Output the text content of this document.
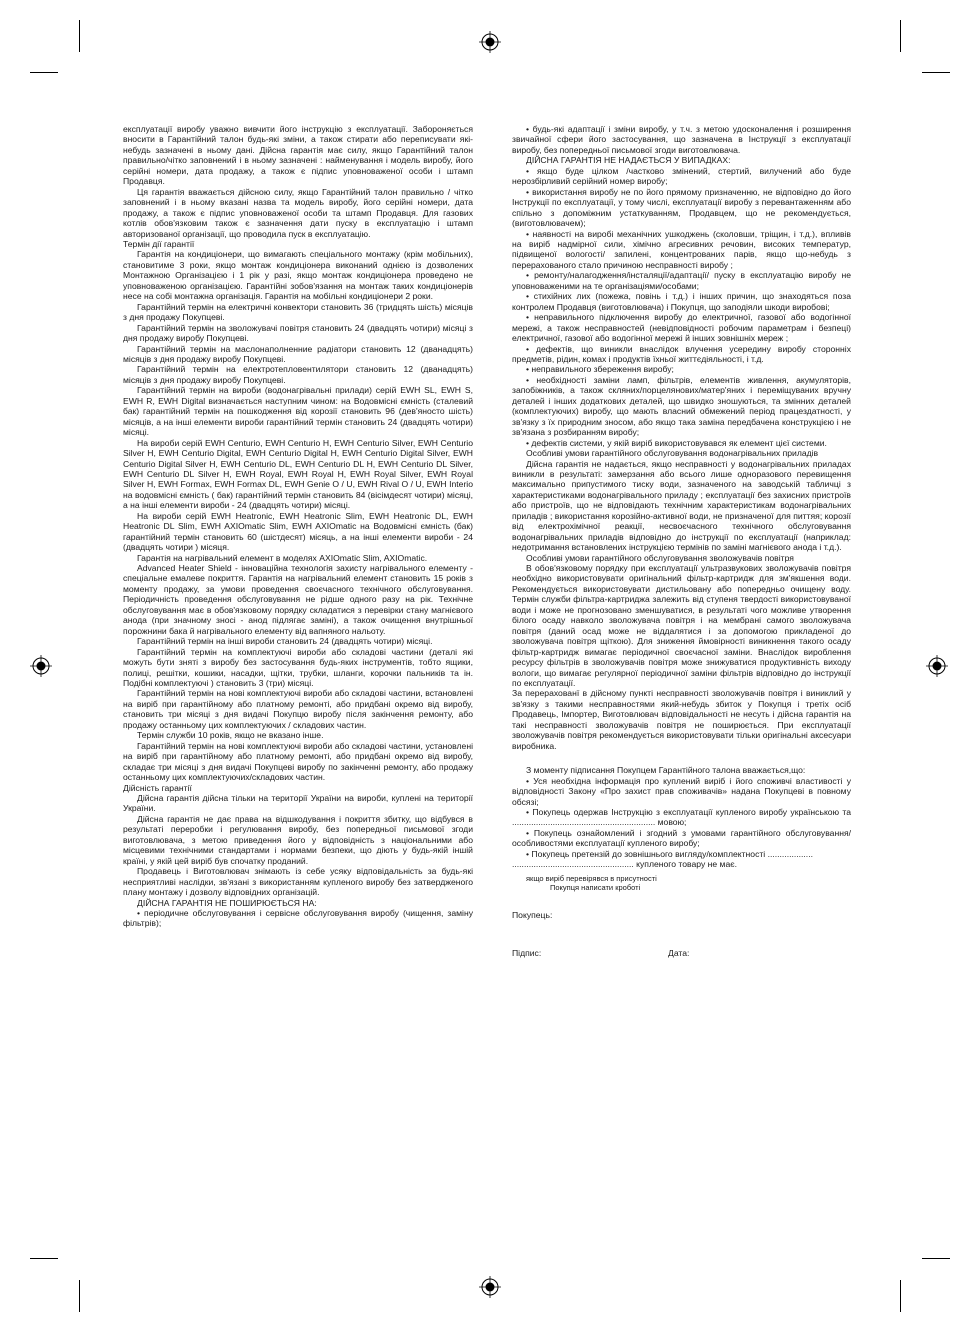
експлуатації виробу уважно вивчити його інструкцію з експлуатації. Забороняється вносити в Гарантійний талон будь-які зміни, а також стирати або переписувати які-небудь зазначені в ньому дані. Дійсна гарантія має силу, якщо Гарантійний талон правильно/чітко заповнений і в ньому зазначені : найменування і модель виробу, його серійні номери, дата продажу, а також є підпис уповноваженої особи і штамп Продавця.

Ця гарантія вважається дійсною силу, якщо Гарантійний талон правильно / чітко заповнений і в ньому вказані назва та модель виробу, його серійні номери, дата продажу, а також є підпис уповноваженої особи та штамп Продавця. Для газових котлів обов'язковим також є зазначення дати пуску в експлуатацію і штамп авторизованої організації, що проводила пуск в експлуатацію.

Термін дії гарантії

Гарантія на кондиціонери, що вимагають спеціального монтажу (крім мобільних), становитиме 3 роки, якщо монтаж кондиціонера виконаний однією із дозволених Монтажною Організацією і 1 рік у разі, якщо монтаж кондиціонера проведено не уповноваженою організацією. Гарантійні зобов'язання на монтаж таких кондиціонерів несе на собі монтажна організація. Гарантія на мобільні кондиціонери 2 роки.

Гарантійний термін на електричні конвектори становить 36 (тридцять шість) місяців з дня продажу Покупцеві.

Гарантійний термін на зволожувачі повітря становить 24 (двадцять чотири) місяці з дня продажу виробу Покупцеві.

Гарантійний термін на маслонаполненние радіатори становить 12 (дванадцять) місяців з дня продажу виробу Покупцеві.

Гарантійний термін на електротепловентилятори становить 12 (дванадцять) місяців з дня продажу виробу Покупцеві.

Гарантійний термін на вироби (водонагрівальні прилади) серій EWH SL, EWH S, EWH R, EWH Digital визначається наступним чином: на Водовмісні ємність (сталевий бак) гарантійний термін на пошкодження від корозії становить 96 (дев'яносто шість) місяців, а на інші елементи вироби гарантійний термін становить 24 (двадцять чотири) місяці.

На вироби серій EWH Centurio, EWH Centurio H, EWH Centurio Silver, EWH Centurio Silver H, EWH Centurio Digital, EWH Centurio Digital H, EWH Centurio Digital Silver, EWH Centurio Digital Silver H, EWH Centurio DL, EWH Centurio DL H, EWH Centurio DL Silver, EWH Centurio DL Silver H, EWH Royal, EWH Royal H, EWH Royal Silver, EWH Royal Silver H, EWH Formax, EWH Formax DL, EWH Genie O / U, EWH Rival O / U, EWH Interio на водовмісні ємність ( бак) гарантійний термін становить 84 (вісімдесят чотири) місяці, а на інші елементи вироби - 24 (двадцять чотири) місяці.

На вироби серій EWH Heatronic, EWH Heatronic Slim, EWH Heatronic DL, EWH Heatronic DL Slim, EWH AXIOmatic Slim, EWH AXIOmatic на Водовмісні ємність (бак) гарантійний термін становить 60 (шістдесят) місяць, а на інші елементи вироби - 24 (двадцять чотири ) місяця.

Гарантія на нагрівальний елемент в моделях AXIOmatic Slim, AXIOmatic.

Advanced Heater Shield - інноваційна технологія захисту нагрівального елементу - спеціальне емалеве покриття. Гарантія на нагрівальний елемент становить 15 років з моменту продажу, за умови проведення своєчасного технічного обслуговування. Періодичність проведення обслуговування не рідше одного разу на рік. Технічне обслуговування має в обов'язковому порядку складатися з перевірки стану магнієвого анода (при значному зносі - анод підлягає заміні), а також очищення внутрішньої порожнини бака й нагрівального елементу від вапняного нальоту.

Гарантійний термін на інші вироби становить 24 (двадцять чотири) місяці.

Гарантійний термін на комплектуючі вироби або складові частини (деталі які можуть бути зняті з виробу без застосування будь-яких інструментів, тобто ящики, полиці, решітки, кошики, насадки, щітки, трубки, шланги, корочки пальників та ін. Подібні комплектуючі ) становить 3 (три) місяці.

Гарантійний термін на нові комплектуючі вироби або складові частини, встановлені на виріб при гарантійному або платному ремонті, або придбані окремо від виробу, становить три місяці з дня видачі Покупцю виробу після закінчення ремонту, або продажу останньому цих комплектуючих / складових частин.

Термін служби 10 років, якщо не вказано інше.

Гарантійний термін на нові комплектуючі вироби або складові частини, установлені на виріб при гарантійному або платному ремонті, або придбані окремо від виробу, складає три місяці з дня видачі Покупцеві виробу по закінченні ремонту, або продажу останньому цих комплектуючих/складових частин.

Дійсність гарантії

Дійсна гарантія дійсна тільки на території України на вироби, куплені на території України.

Дійсна гарантія не дає права на відшкодування і покриття збитку, що відбувся в результаті переробки і регулювання виробу, без попередньої письмової згоди виготовлювача, з метою приведення його у відповідність з національними або місцевими технічними стандартами і нормами безпеки, що діють у будь-якій іншій країні, у якій цей виріб був спочатку проданий.

Продавець і Виготовлювач знімають із себе усяку відповідальність за будь-які несприятливі наслідки, зв'язані з використанням купленого виробу без затвердженого плану монтажу і дозволу відповідних організацій.

ДІЙСНА ГАРАНТІЯ НЕ ПОШИРЮЄТЬСЯ НА:

• періодичне обслуговування і сервісне обслуговування виробу (чищення, заміну фільтрів);

• будь-які адаптації і зміни виробу, у т.ч. з метою удосконалення і розширення звичайної сфери його застосування, що зазначена в Інструкції з експлуатації виробу, без попередньої письмової згоди виготовлювача.

ДІЙСНА ГАРАНТІЯ НЕ НАДАЄТЬСЯ У ВИПАДКАХ:

• якщо буде цілком /частково змінений, стертий, вилучений або буде нерозбірливий серійний номер виробу;

• використання виробу не по його прямому призначенню, не відповідно до його Інструкції по експлуатації, у тому числі, експлуатації виробу з перевантаженням або спільно з допоміжним устаткуванням, Продавцем, що не рекомендується, (виготовлювачем);

• наявності на виробі механічних ушкоджень (сколовши, тріщин, і т.д.), впливів на виріб надмірної сили, хімічно агресивних речовин, високих температур, підвищеної вологості/ запилені, концентрованих парів, якщо що-небудь з перерахованого стало причиною несправності виробу ;

• ремонту/налагодження/інсталяції/адаптації/ пуску в експлуатацію виробу не уповноваженими на те організаціями/особами;

• стихійних лих (пожежа, повінь і т.д.) і інших причин, що знаходяться поза контролем Продавця (виготовлювача) і Покупця, що заподіяли шкоди виробові;

• неправильного підключення виробу до електричної, газової або водогінної мережі, а також несправностей (невідповідності робочим параметрам і безпеці) електричної, газової або водогінної мережі й інших зовнішніх мереж ;

• дефектів, що виникли внаслідок влучення усередину виробу сторонніх предметів, рідин, комах і продуктів їхньої життєдіяльності, і т.д.

• неправильного збереження виробу;

• необхідності заміни ламп, фільтрів, елементів живлення, акумуляторів, запобіжників, а також скляних/порцеляновиx/матер'яних і переміщуваних вручну деталей і інших додаткових деталей, що швидко зношуються, та змінних деталей (комплектуючих) виробу, що мають власний обмежений період працездатності, у зв'язку з їх природним зносом, або якщо така заміна передбачена конструкцією і не зв'язана з розбиранням виробу;

• дефектів системи, у якій виріб використовувався як елемент цієї системи.

Особливі умови гарантійного обслуговування водонагрівальних приладів

Дійсна гарантія не надається, якщо несправності у водонагрівальних приладах виникли в результаті: замерзання або всього лише одноразового перевищення максимально припустимого тиску води, зазначеного на заводській табличці з характеристиками водонагрівального приладу ; експлуатації без захисних пристроїв або пристроїв, що не відповідають технічним характеристикам водонагрівальних приладів ; використання корозійно-активної води, не призначеної для питтяя; корозії від електрохімічної реакції, несвоєчасного технічного обслуговування водонагрівальних приладів відповідно до інструкції по експлуатації (наприклад: недотримання встановлених інструкцією термінів по заміні магнієвого анода і т.д.).

Особливі умови гарантійного обслуговування зволожувачів повітря

В обов'язковому порядку при експлуатації ультразвукових зволожувачів повітря необхідно використовувати оригінальний фільтр-картридж для зм'якшення води. Рекомендується використовувати дистильовану або попередньо очищену воду. Термін служби фільтра-картриджа залежить від ступеня твердості використовуваної води і може не прогнозовано зменшуватися, в результаті чого можливе утворення білого осаду навколо зволожувача повітря і на мембрані самого зволожувача повітря (даний осад може не віддалятися і за допомогою прикладеної до зволожувача повітря щіткою). Для зниження ймовірності виникнення такого осаду фільтр-картридж вимагає періодичної своєчасної заміни. Внаслідок вироблення ресурсу фільтрів в зволожувачів повітря може знижуватися продуктивність виходу вологи, що вимагає регулярної періодичної заміни фільтрів відповідно до інструкції по експлуатації.

За перерахованї в дійсному пункті несправності зволожувачів повітря і виниклий у зв'язку з такими несправностями який-небудь збиток у Покупця і третіх осіб Продавець, Імпортер, Виготовлювач відповідальності не несуть і дійсна гарантія на такі несправності зволожувачів повітря не поширюється. При експлуатації зволожувачів повітря рекомендується використовувати тільки оригінальні аксесуари виробника.

З моменту підписання Покупцем Гарантійного талона вважається,що:

• Уся необхідна інформація про куплений виріб і його споживчі властивості у відповідності Закону «Про захист прав споживачів» надана Покупцеві в повному обсязі;

• Покупець одержав Інструкцію з експлуатації купленого виробу українською та ............................................................ мовою;

• Покупець ознайомлений і згодний з умовами гарантійного обслуговування/особливостями експлуатації купленого виробу;

• Покупець претензій до зовнішнього вигляду/комплектності ...................

................................................... купленого товару не має.

якщо виріб перевірявся в присутності
Покупця написати кроботі

Покупець:

Підпис:	Дата:
